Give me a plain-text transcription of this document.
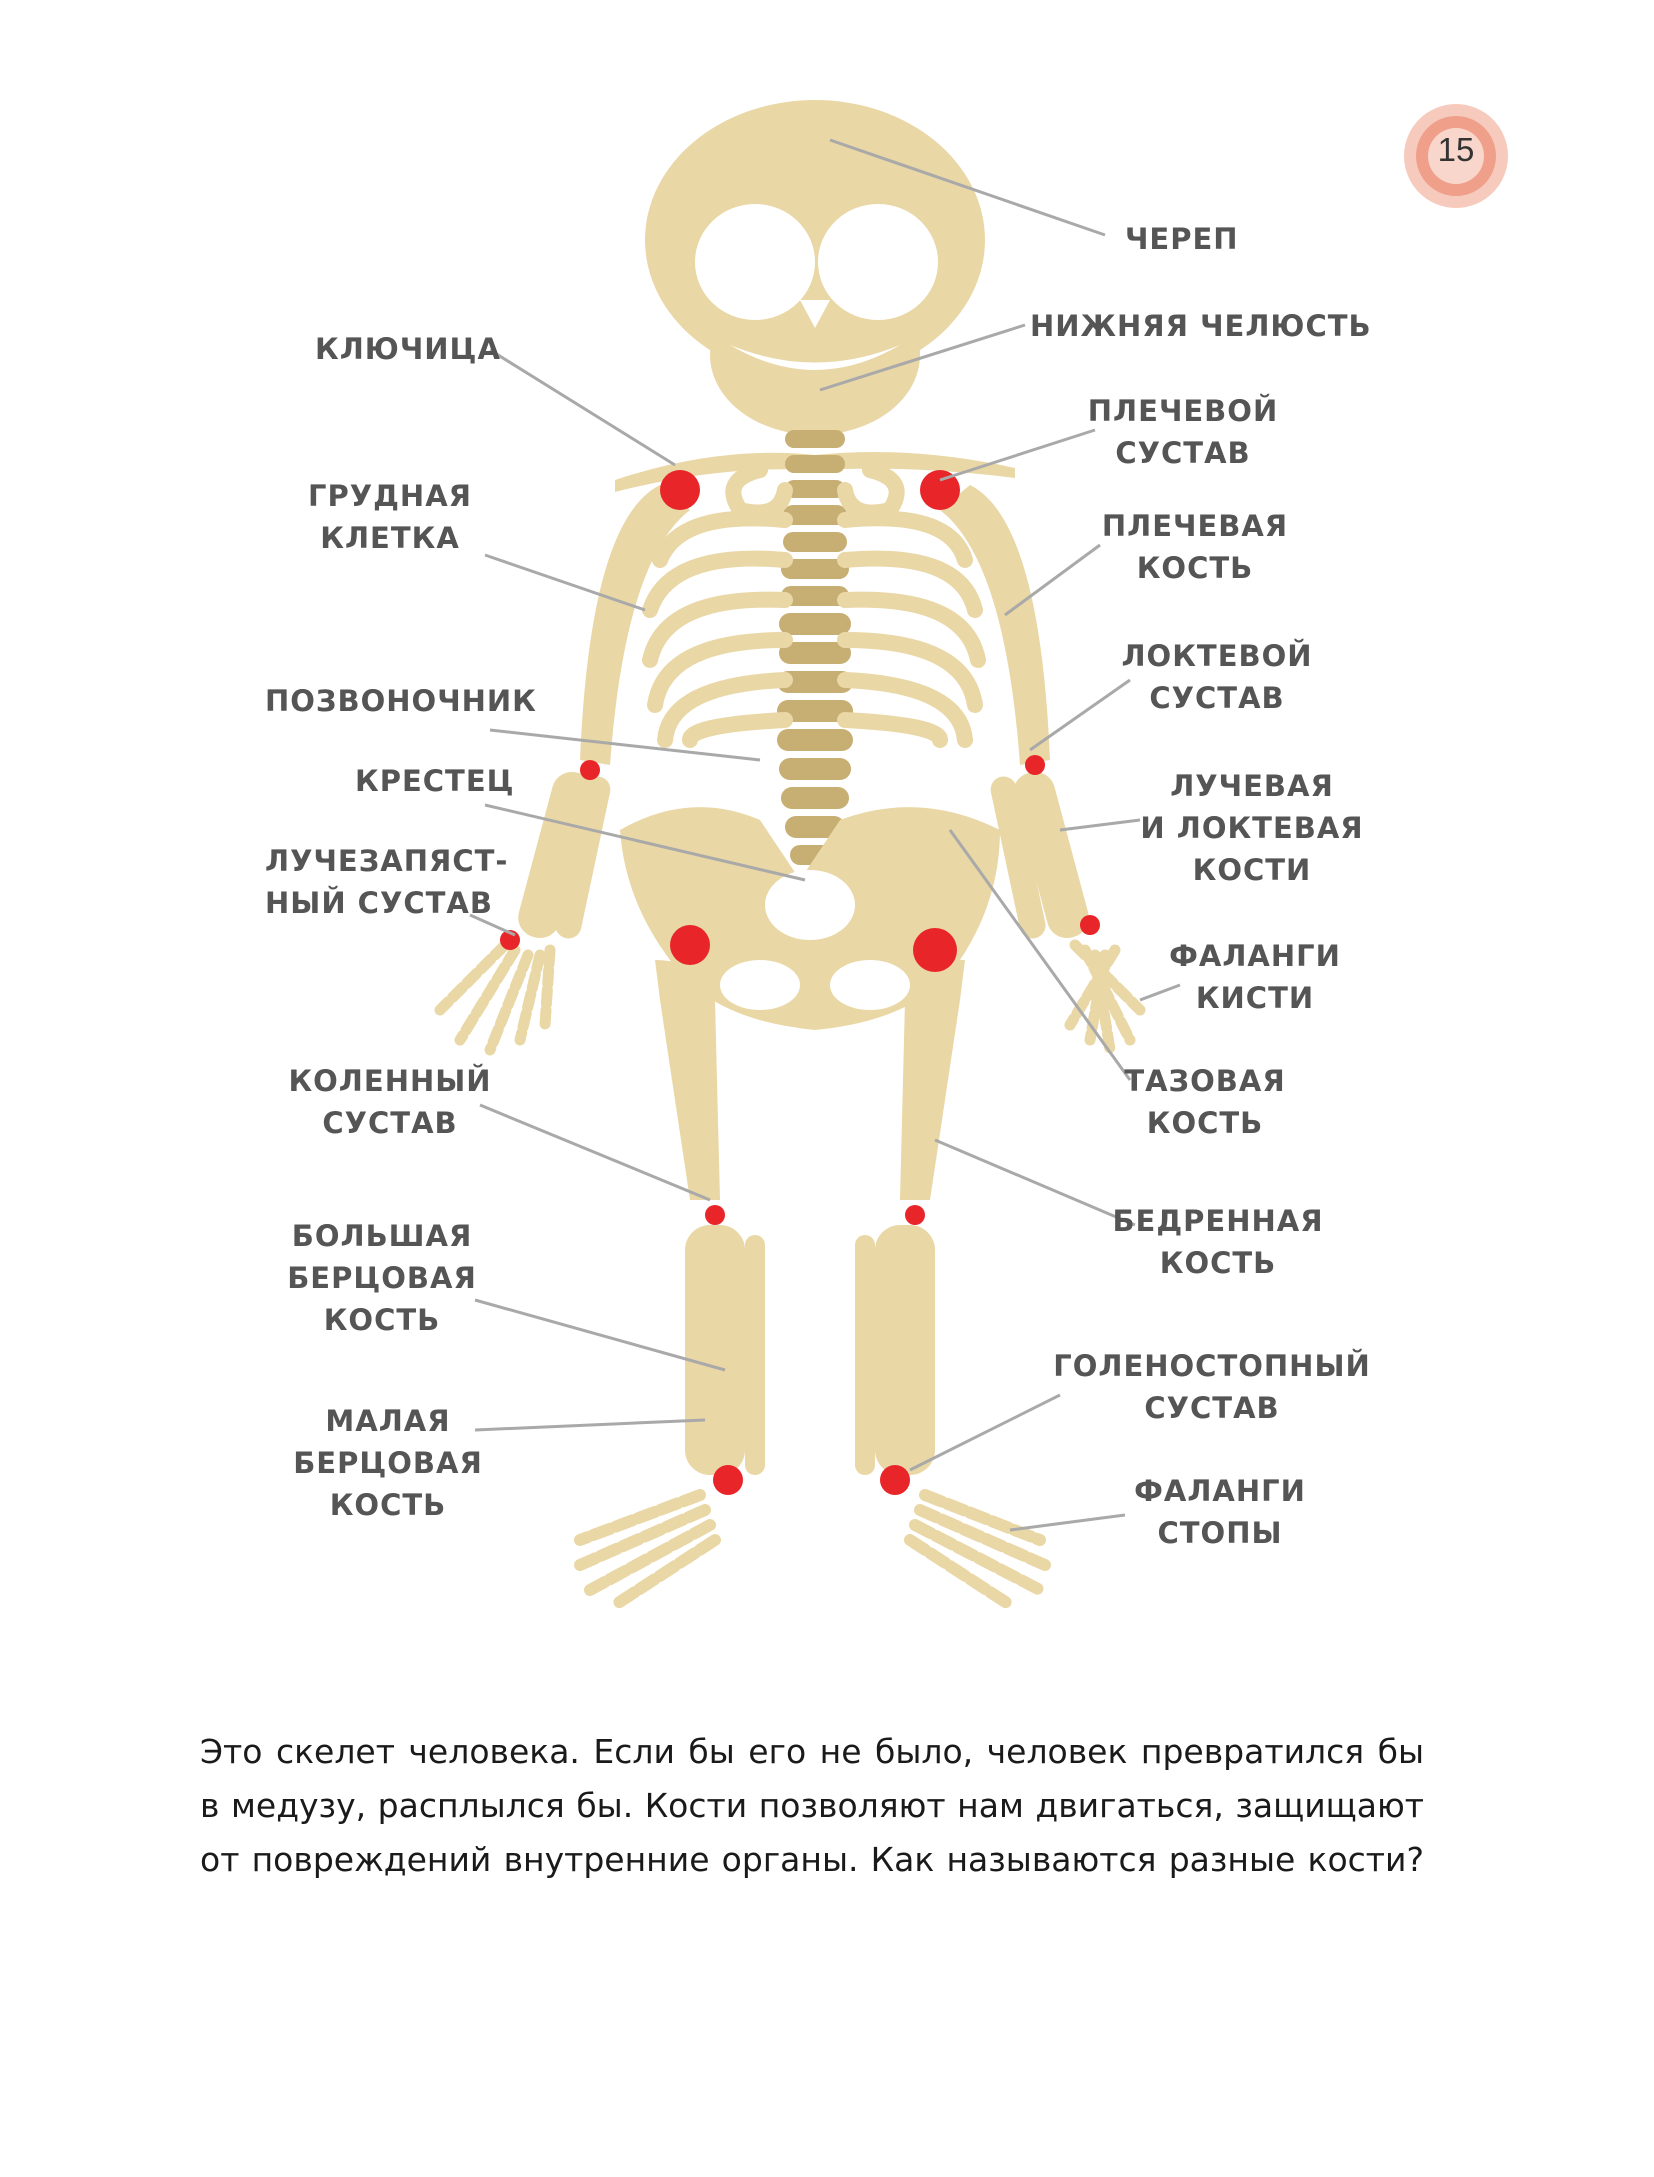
15
ЧЕРЕП
НИЖНЯЯ ЧЕЛЮСТЬ
КЛЮЧИЦА
ПЛЕЧЕВОЙ
СУСТАВ
ГРУДНАЯ
КЛЕТКА	ПЛЕЧЕВАЯ
КОСТЬ
ЛОКТЕВОЙ
СУСТАВ
ПОЗВОНОЧНИК
КРЕСТЕЦ	ЛУЧЕВАЯ
И ЛОКТЕВАЯ
КОСТИ
ЛУЧЕЗАПЯСТ-
НЫЙ СУСТАВ
ФАЛАНГИ
КИСТИ
ТАЗОВАЯ
КОСТЬ
КОЛЕННЫЙ
СУСТАВ
БЕДРЕННАЯ
КОСТЬ
БОЛЬШАЯ
БЕРЦОВАЯ
КОСТЬ
ГОЛЕНОСТОПНЫЙ
СУСТАВ
МАЛАЯ
БЕРЦОВАЯ
КОСТЬ	ФАЛАНГИ
СТОПЫ
Это скелет человека. Если бы его не было, человек превратился бы
в медузу, расплылся бы. Кости позволяют нам двигаться, защищают
от повреждений внутренние органы. Как называются разные кости?
